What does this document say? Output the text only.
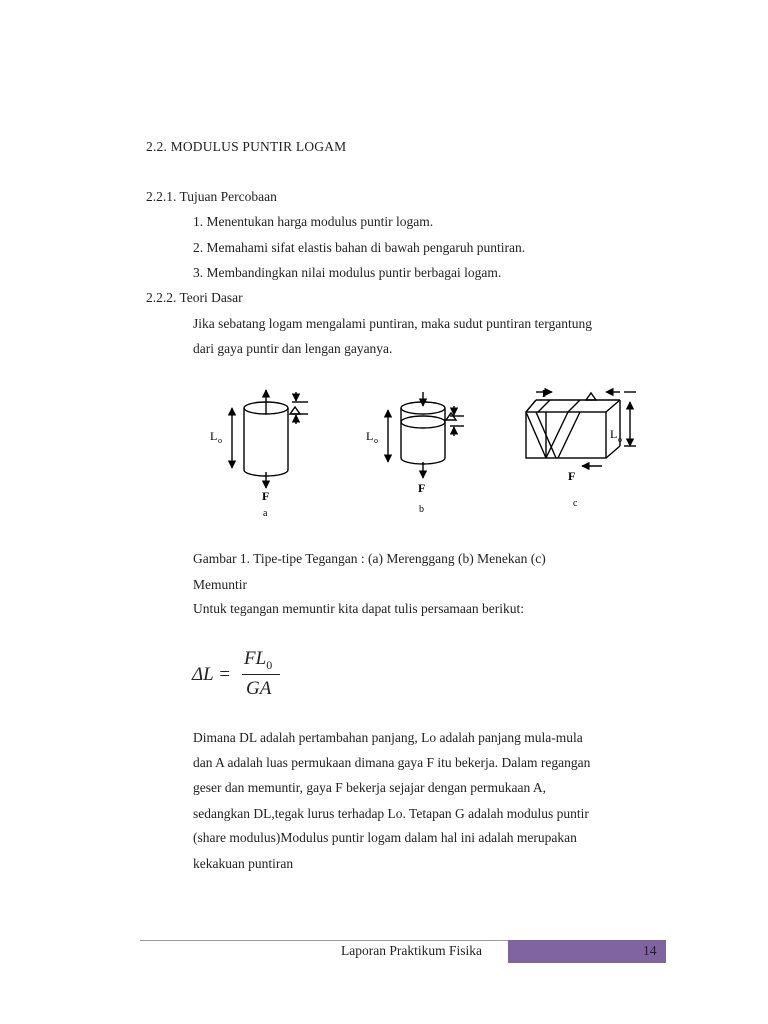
2.2. MODULUS PUNTIR LOGAM
2.2.1. Tujuan Percobaan
1. Menentukan harga modulus puntir logam.
2. Memahami sifat elastis bahan di bawah pengaruh puntiran.
3. Membandingkan nilai modulus puntir berbagai logam.
2.2.2. Teori Dasar
Jika sebatang logam mengalami puntiran, maka sudut puntiran tergantung
dari gaya puntir dan lengan gayanya.
L o
F
a
L o
F
b
F
F
L o
c
Gambar 1. Tipe-tipe Tegangan : (a) Merenggang (b) Menekan (c)
Memuntir
Untuk tegangan memuntir kita dapat tulis persamaan berikut:
ΔL =
$FL_0$
GA
Dimana DL adalah pertambahan panjang, Lo adalah panjang mula-mula
dan A adalah luas permukaan dimana gaya F itu bekerja. Dalam regangan
geser dan memuntir, gaya F bekerja sejajar dengan permukaan A,
sedangkan DL,tegak lurus terhadap Lo. Tetapan G adalah modulus puntir
(share modulus)Modulus puntir logam dalam hal ini adalah merupakan
kekakuan puntiran
Laporan Praktikum Fisika	14
